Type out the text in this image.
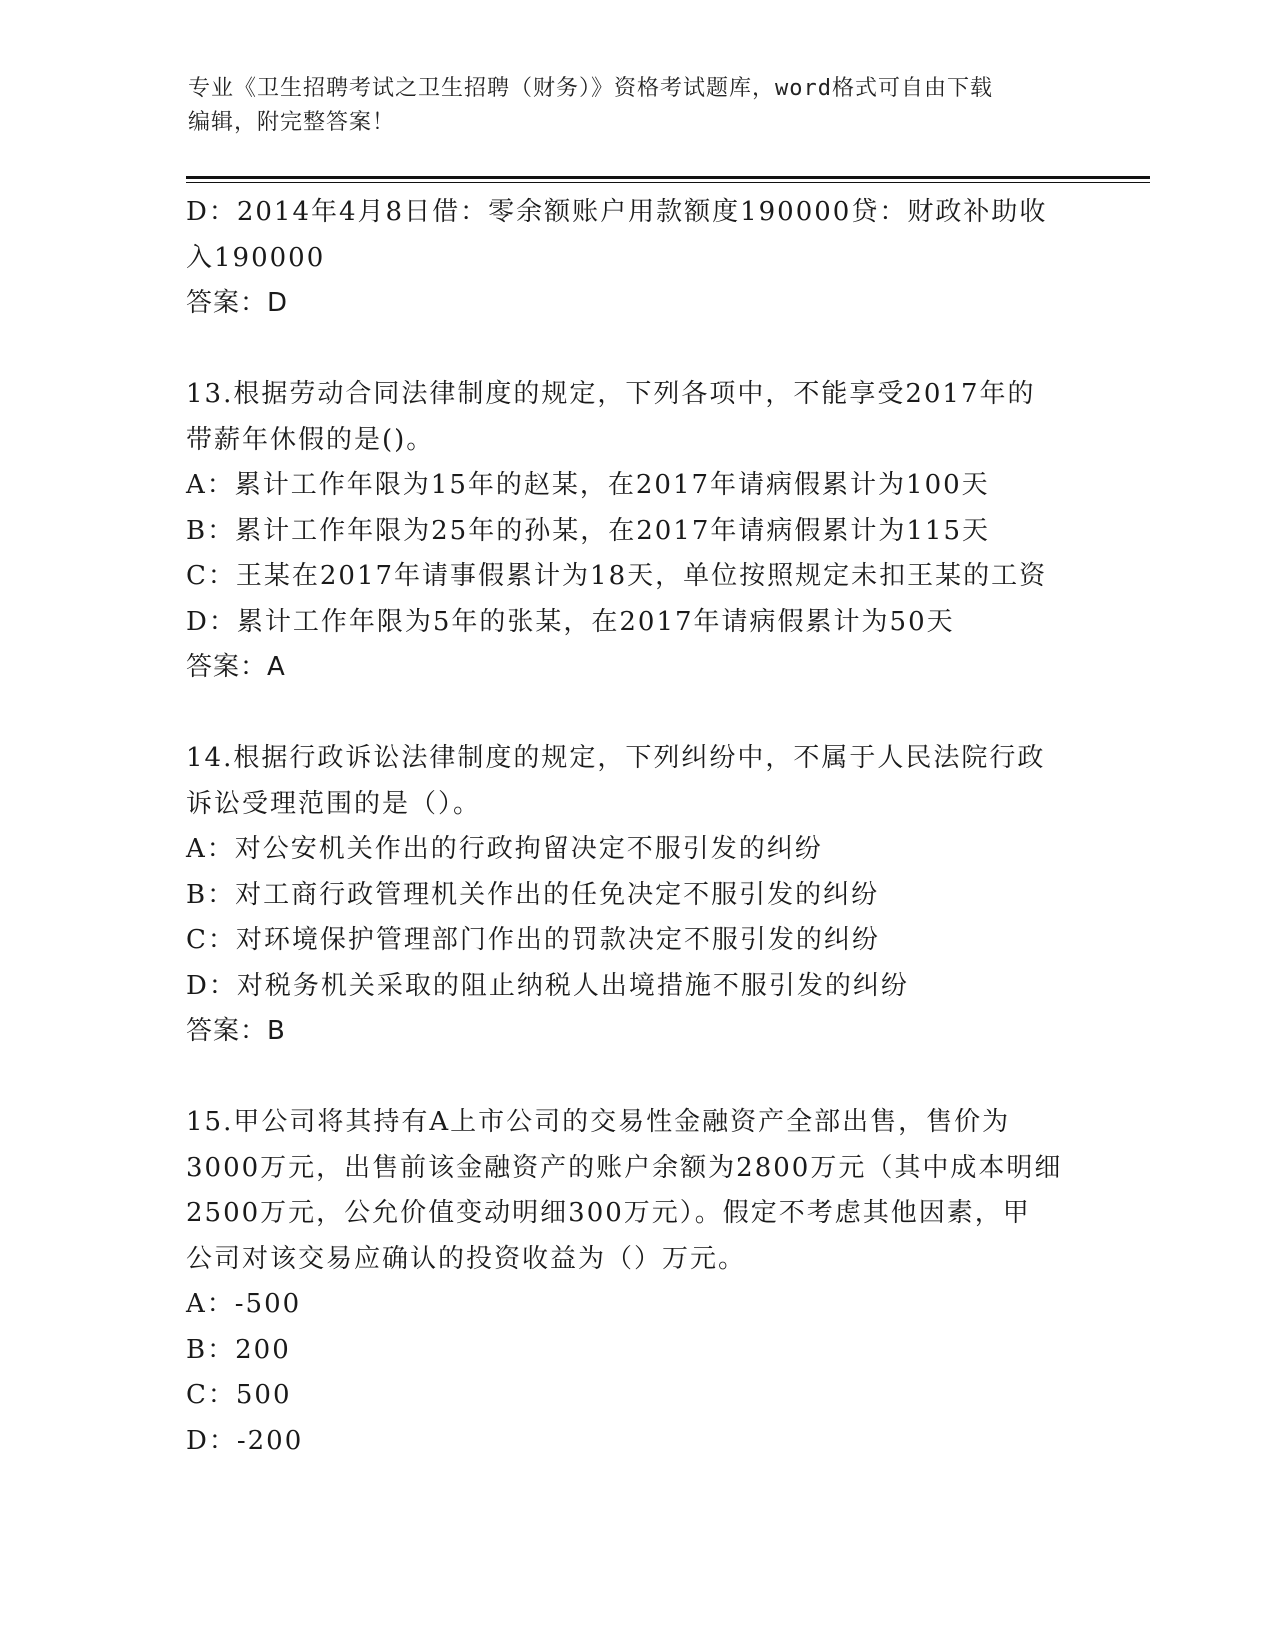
专业《卫生招聘考试之卫生招聘（财务）》资格考试题库，word格式可自由下载
编辑，附完整答案！
D：2014年4月8日借：零余额账户用款额度190000贷：财政补助收
入190000
答案：D
13.根据劳动合同法律制度的规定，下列各项中，不能享受2017年的
带薪年休假的是()。
A：累计工作年限为15年的赵某，在2017年请病假累计为100天
B：累计工作年限为25年的孙某，在2017年请病假累计为115天
C：王某在2017年请事假累计为18天，单位按照规定未扣王某的工资
D：累计工作年限为5年的张某，在2017年请病假累计为50天
答案：A
14.根据行政诉讼法律制度的规定，下列纠纷中，不属于人民法院行政
诉讼受理范围的是（）。
A：对公安机关作出的行政拘留决定不服引发的纠纷
B：对工商行政管理机关作出的任免决定不服引发的纠纷
C：对环境保护管理部门作出的罚款决定不服引发的纠纷
D：对税务机关采取的阻止纳税人出境措施不服引发的纠纷
答案：B
15.甲公司将其持有A上市公司的交易性金融资产全部出售，售价为
3000万元，出售前该金融资产的账户余额为2800万元（其中成本明细
2500万元，公允价值变动明细300万元）。假定不考虑其他因素，甲
公司对该交易应确认的投资收益为（）万元。
A：-500
B：200
C：500
D：-200
